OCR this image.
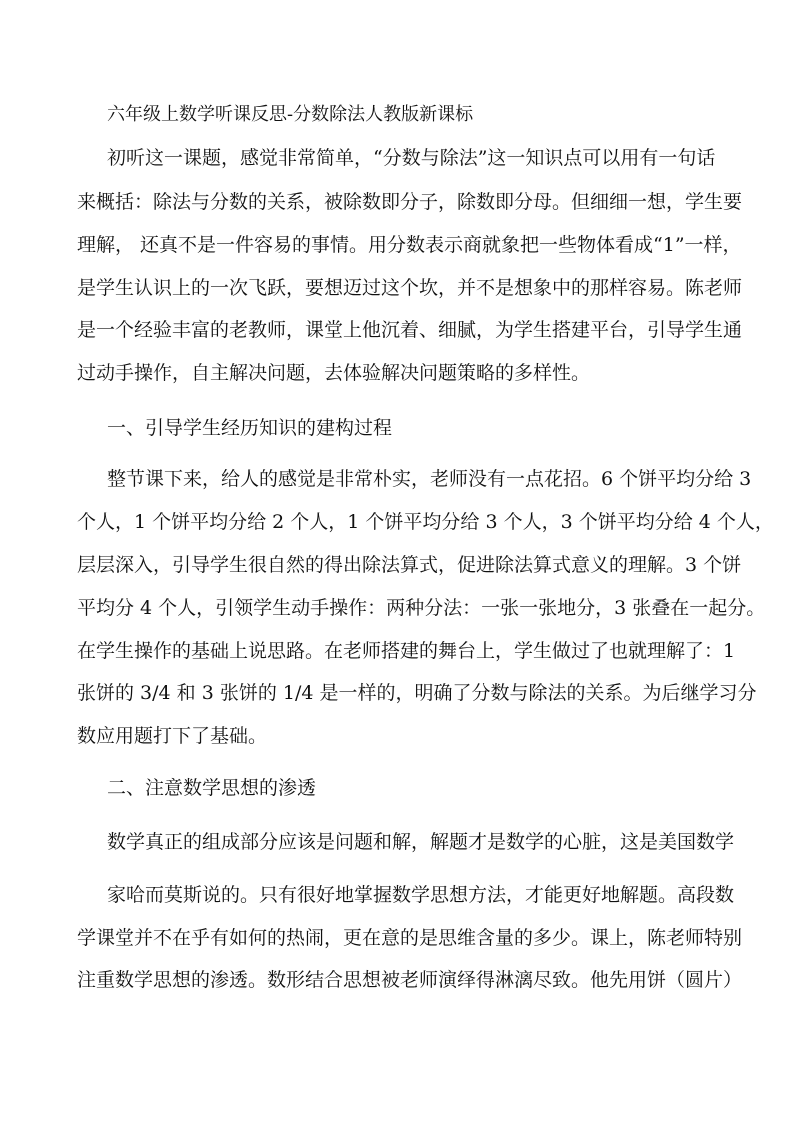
六年级上数学听课反思-分数除法人教版新课标
初听这一课题，感觉非常简单，“分数与除法”这一知识点可以用有一句话
来概括：除法与分数的关系，被除数即分子，除数即分母。但细细一想，学生要
理解， 还真不是一件容易的事情。用分数表示商就象把一些物体看成“1”一样，
是学生认识上的一次飞跃，要想迈过这个坎，并不是想象中的那样容易。陈老师
是一个经验丰富的老教师，课堂上他沉着、细腻，为学生搭建平台，引导学生通
过动手操作，自主解决问题，去体验解决问题策略的多样性。
一、引导学生经历知识的建构过程
整节课下来，给人的感觉是非常朴实，老师没有一点花招。6 个饼平均分给 3
个人，1 个饼平均分给 2 个人，1 个饼平均分给 3 个人，3 个饼平均分给 4 个人，
层层深入，引导学生很自然的得出除法算式，促进除法算式意义的理解。3 个饼
平均分 4 个人，引领学生动手操作：两种分法：一张一张地分，3 张叠在一起分。
在学生操作的基础上说思路。在老师搭建的舞台上，学生做过了也就理解了：1
张饼的 3/4 和 3 张饼的 1/4 是一样的，明确了分数与除法的关系。为后继学习分
数应用题打下了基础。
二、注意数学思想的渗透
数学真正的组成部分应该是问题和解，解题才是数学的心脏，这是美国数学
家哈而莫斯说的。只有很好地掌握数学思想方法，才能更好地解题。高段数
学课堂并不在乎有如何的热闹，更在意的是思维含量的多少。课上，陈老师特别
注重数学思想的渗透。数形结合思想被老师演绎得淋漓尽致。他先用饼（圆片）
